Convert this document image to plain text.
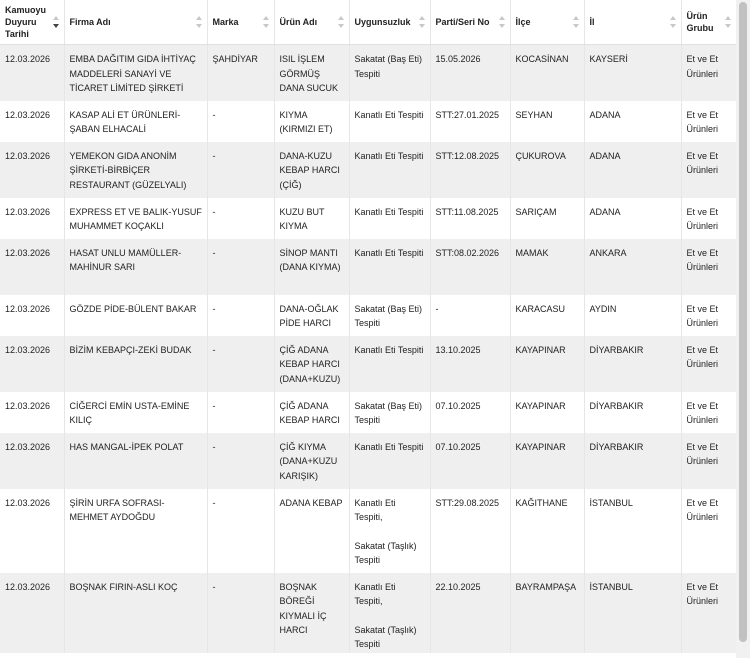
Kamuoyu Duyuru Tarihi	Firma Adı	Marka	Ürün Adı	Uygunsuzluk	Parti/Seri No	İlçe	İl	Ürün Grubu

12.03.2026	EMBA DAĞITIM GIDA İHTİYAÇ MADDELERİ SANAYİ VE TİCARET LİMİTED ŞİRKETİ	ŞAHDİYAR	ISIL İŞLEM GÖRMÜŞ DANA SUCUK	Sakatat (Baş Eti) Tespiti	15.05.2026	KOCASİNAN	KAYSERİ	Et ve Et Ürünleri
12.03.2026	KASAP ALİ ET ÜRÜNLERİ-ŞABAN ELHACALİ	-	KIYMA (KIRMIZI ET)	Kanatlı Eti Tespiti	STT:27.01.2025	SEYHAN	ADANA	Et ve Et Ürünleri
12.03.2026	YEMEKON GIDA ANONİM ŞİRKETİ-BİRBİÇER RESTAURANT (GÜZELYALI)	-	DANA-KUZU KEBAP HARCI (ÇİĞ)	Kanatlı Eti Tespiti	STT:12.08.2025	ÇUKUROVA	ADANA	Et ve Et Ürünleri
12.03.2026	EXPRESS ET VE BALIK-YUSUF MUHAMMET KOÇAKLI	-	KUZU BUT KIYMA	Kanatlı Eti Tespiti	STT:11.08.2025	SARIÇAM	ADANA	Et ve Et Ürünleri
12.03.2026	HASAT UNLU MAMÜLLER-MAHİNUR SARI	-	SİNOP MANTI (DANA KIYMA)	Kanatlı Eti Tespiti	STT:08.02.2026	MAMAK	ANKARA	Et ve Et Ürünleri
12.03.2026	GÖZDE PİDE-BÜLENT BAKAR	-	DANA-OĞLAK PİDE HARCI	Sakatat (Baş Eti) Tespiti	-	KARACASU	AYDIN	Et ve Et Ürünleri
12.03.2026	BİZİM KEBAPÇI-ZEKİ BUDAK	-	ÇİĞ ADANA KEBAP HARCI (DANA+KUZU)	Kanatlı Eti Tespiti	13.10.2025	KAYAPINAR	DİYARBAKIR	Et ve Et Ürünleri
12.03.2026	CİĞERCİ EMİN USTA-EMİNE KILIÇ	-	ÇİĞ ADANA KEBAP HARCI	Sakatat (Baş Eti) Tespiti	07.10.2025	KAYAPINAR	DİYARBAKIR	Et ve Et Ürünleri
12.03.2026	HAS MANGAL-İPEK POLAT	-	ÇİĞ KIYMA (DANA+KUZU KARIŞIK)	Kanatlı Eti Tespiti	07.10.2025	KAYAPINAR	DİYARBAKIR	Et ve Et Ürünleri
12.03.2026	ŞİRİN URFA SOFRASI-MEHMET AYDOĞDU	-	ADANA KEBAP	Kanatlı Eti Tespiti,
Sakatat (Taşlık) Tespiti	STT:29.08.2025	KAĞITHANE	İSTANBUL	Et ve Et Ürünleri
12.03.2026	BOŞNAK FIRIN-ASLI KOÇ	-	BOŞNAK BÖREĞİ KIYMALI İÇ HARCI	Kanatlı Eti Tespiti,
Sakatat (Taşlık) Tespiti	22.10.2025	BAYRAMPAŞA	İSTANBUL	Et ve Et Ürünleri
